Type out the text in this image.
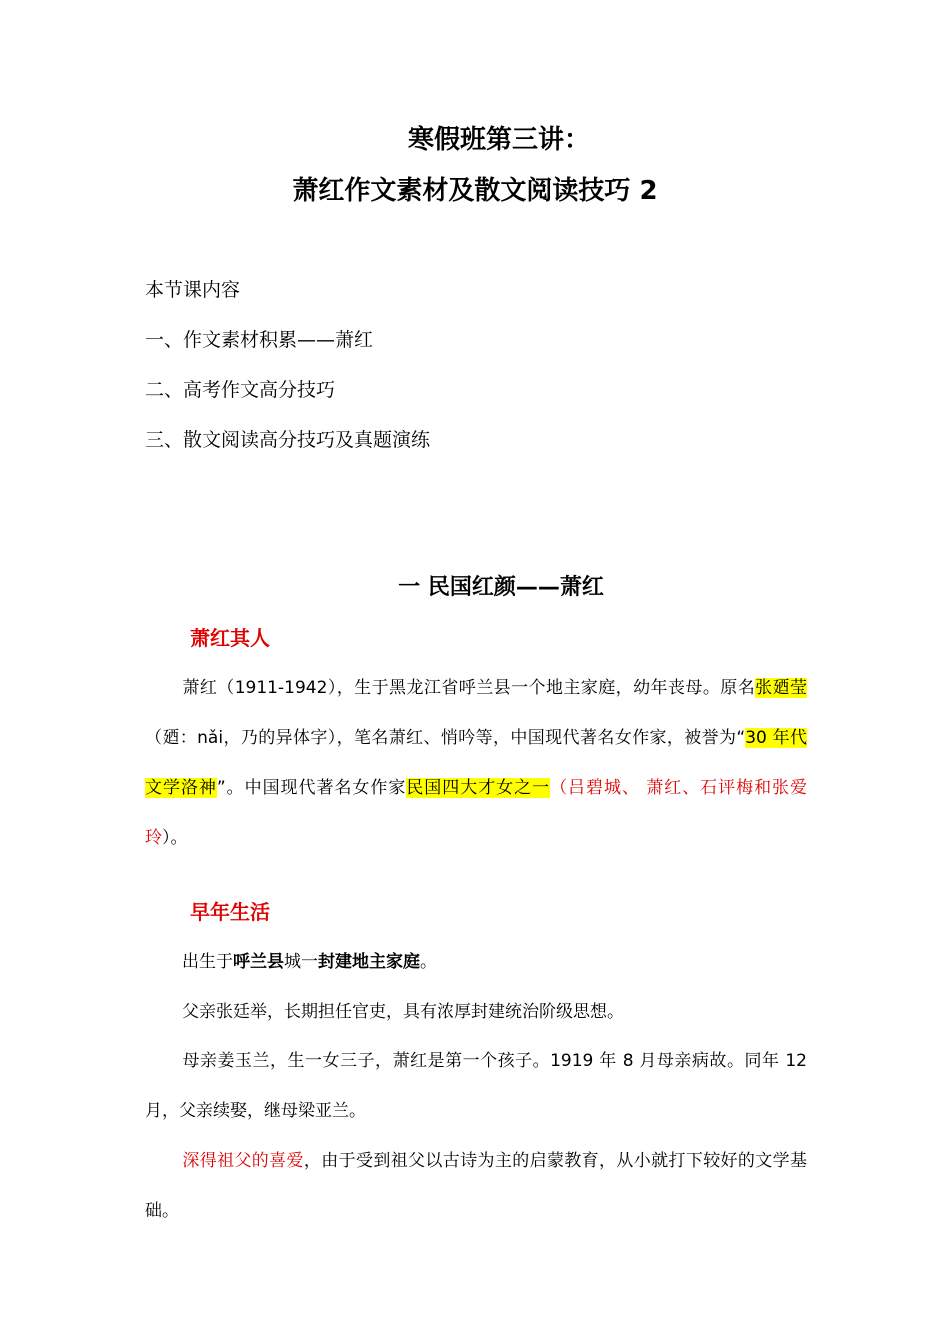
寒假班第三讲：
萧红作文素材及散文阅读技巧 2
本节课内容
一、作文素材积累——萧红
二、高考作文高分技巧
三、散文阅读高分技巧及真题演练
一 民国红颜——萧红
萧红其人
萧红（1911-1942），生于黑龙江省呼兰县一个地主家庭，幼年丧母。原名张廼莹（廼：nǎi，乃的异体字），笔名萧红、悄吟等，中国现代著名女作家，被誉为“30 年代文学洛神”。中国现代著名女作家民国四大才女之一（吕碧城、 萧红、石评梅和张爱玲）。
早年生活
出生于呼兰县城一封建地主家庭。
父亲张廷举，长期担任官吏，具有浓厚封建统治阶级思想。
母亲姜玉兰，生一女三子，萧红是第一个孩子。1919 年 8 月母亲病故。同年 12 月，父亲续娶，继母梁亚兰。
深得祖父的喜爱，由于受到祖父以古诗为主的启蒙教育，从小就打下较好的文学基础。
